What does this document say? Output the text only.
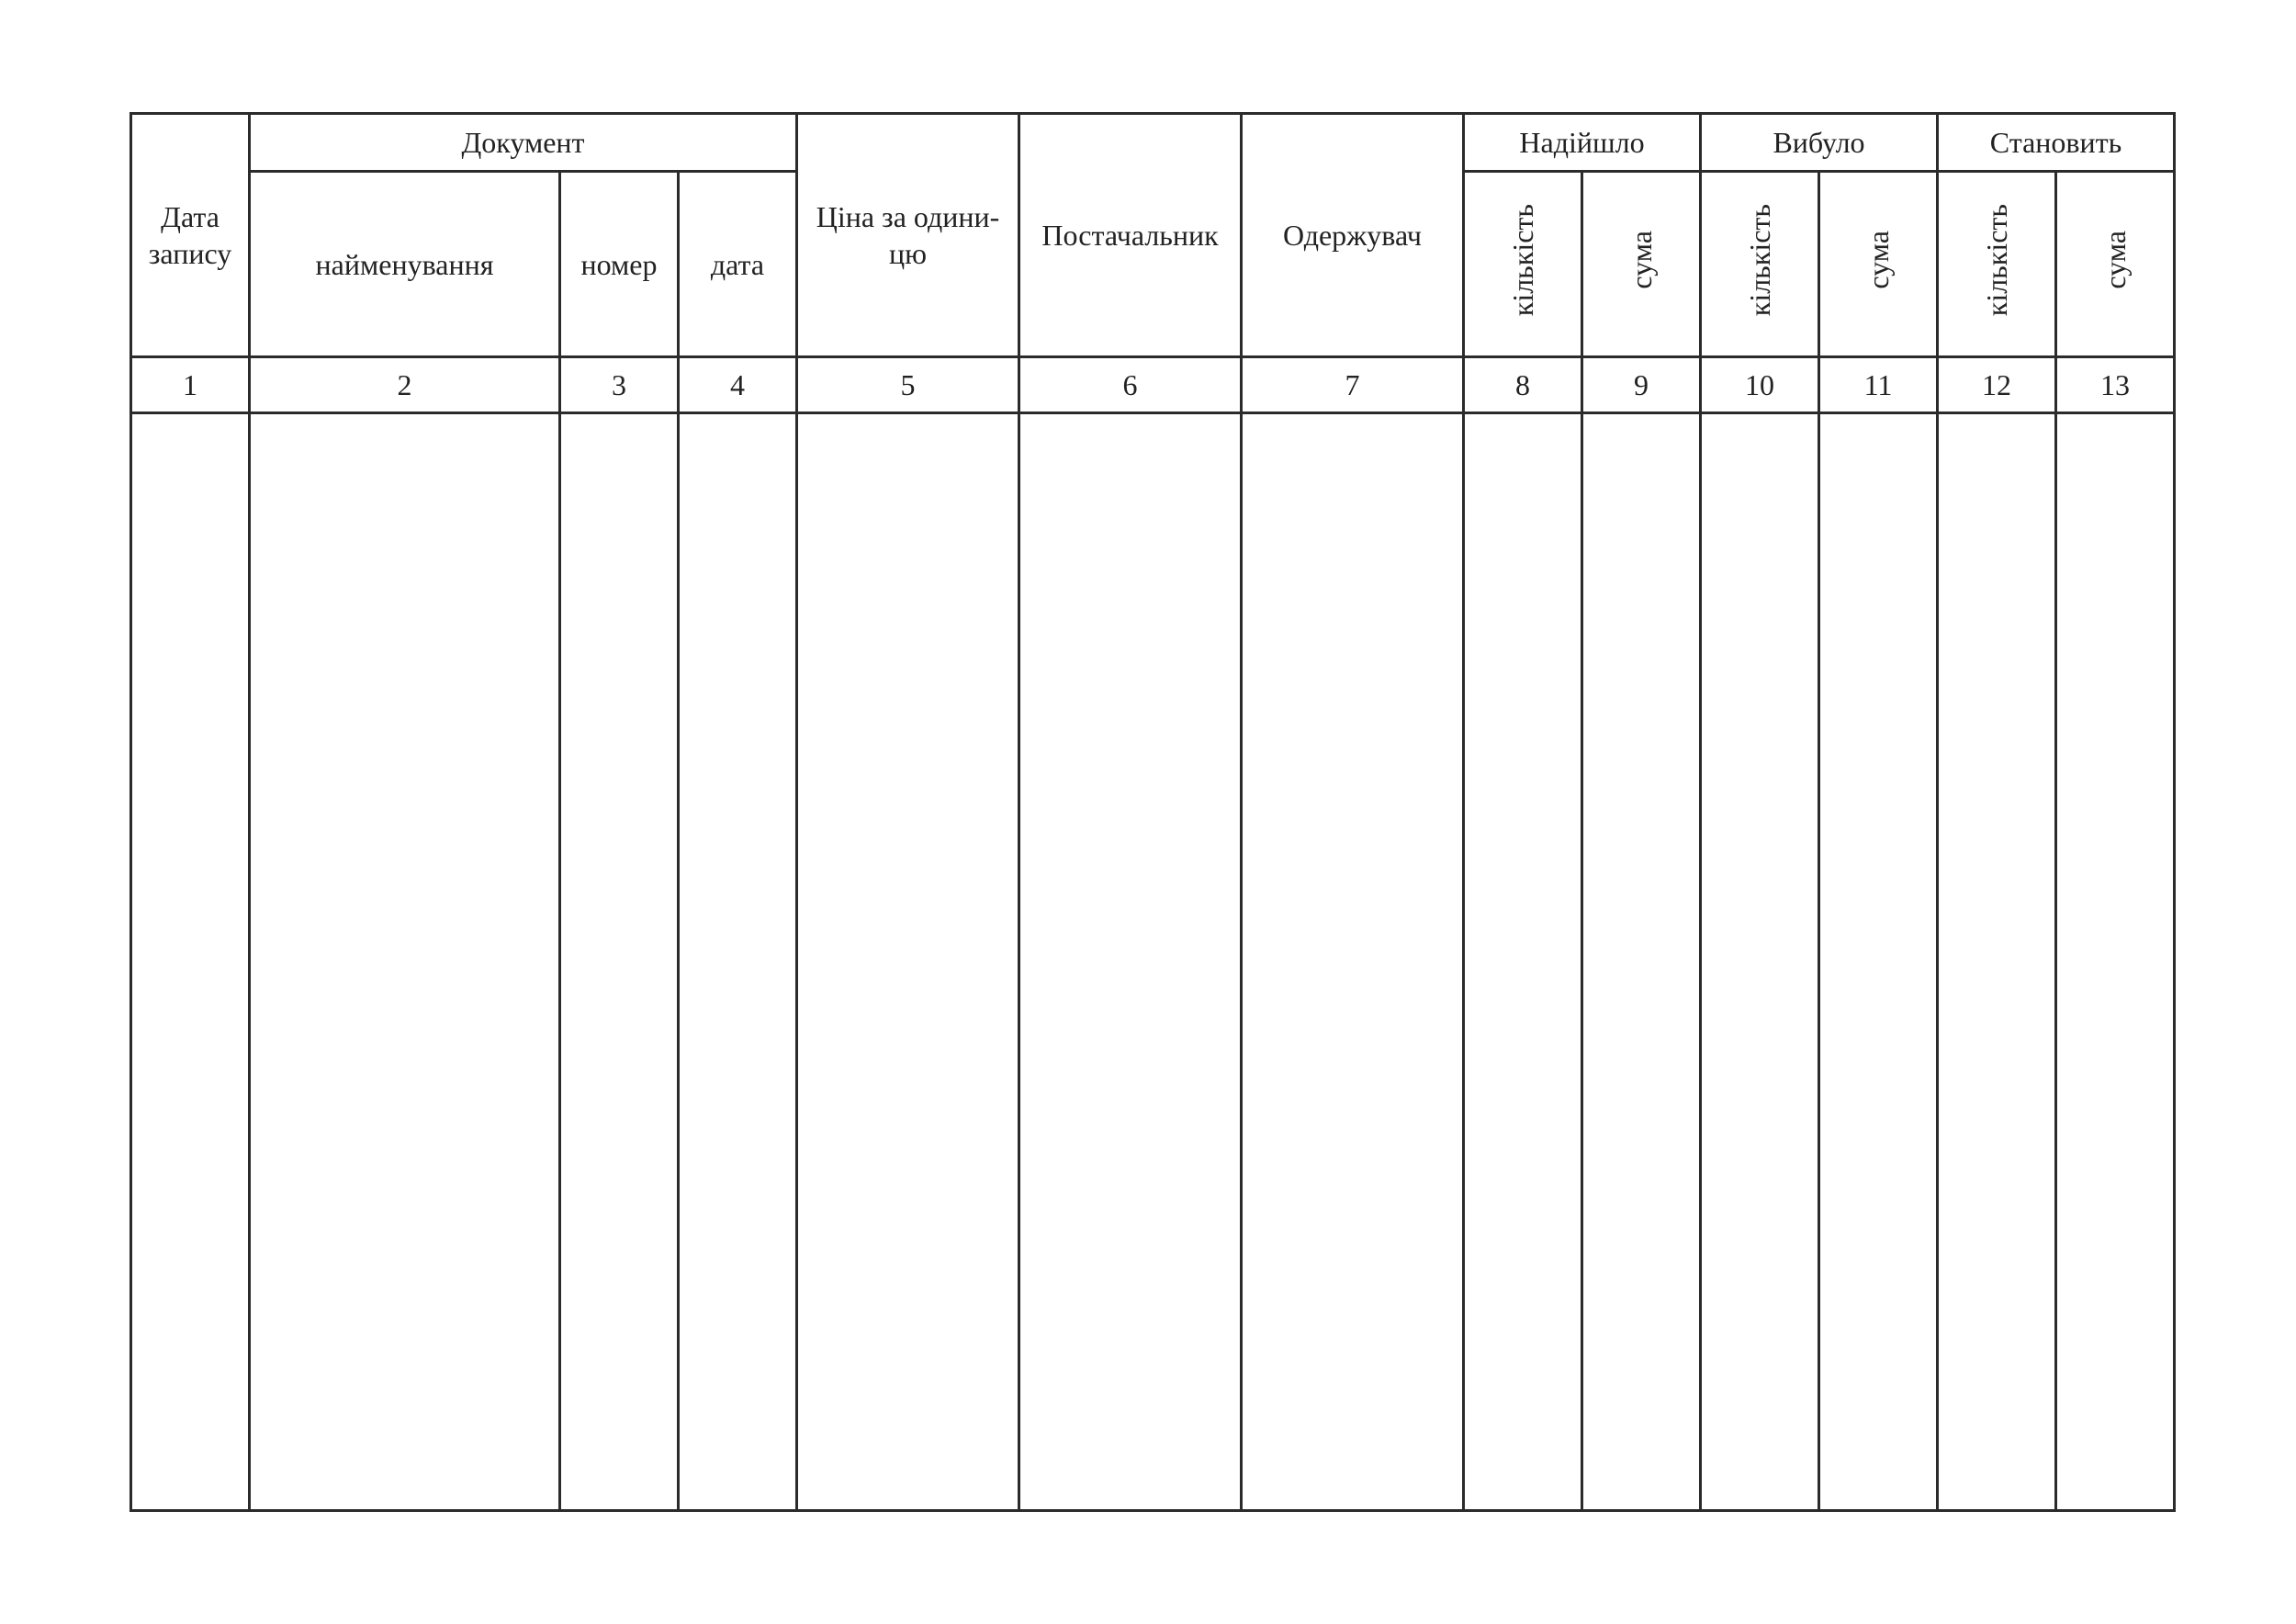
Дата запису	Документ			Ціна за одини-
цю	Постачальник	Одержувач	Надійшло		Вибуло		Становить	
	найменування	номер	дата				кількість	сума	кількість	сума	кількість	сума
1	2	3	4	5	6	7	8	9	10	11	12	13
